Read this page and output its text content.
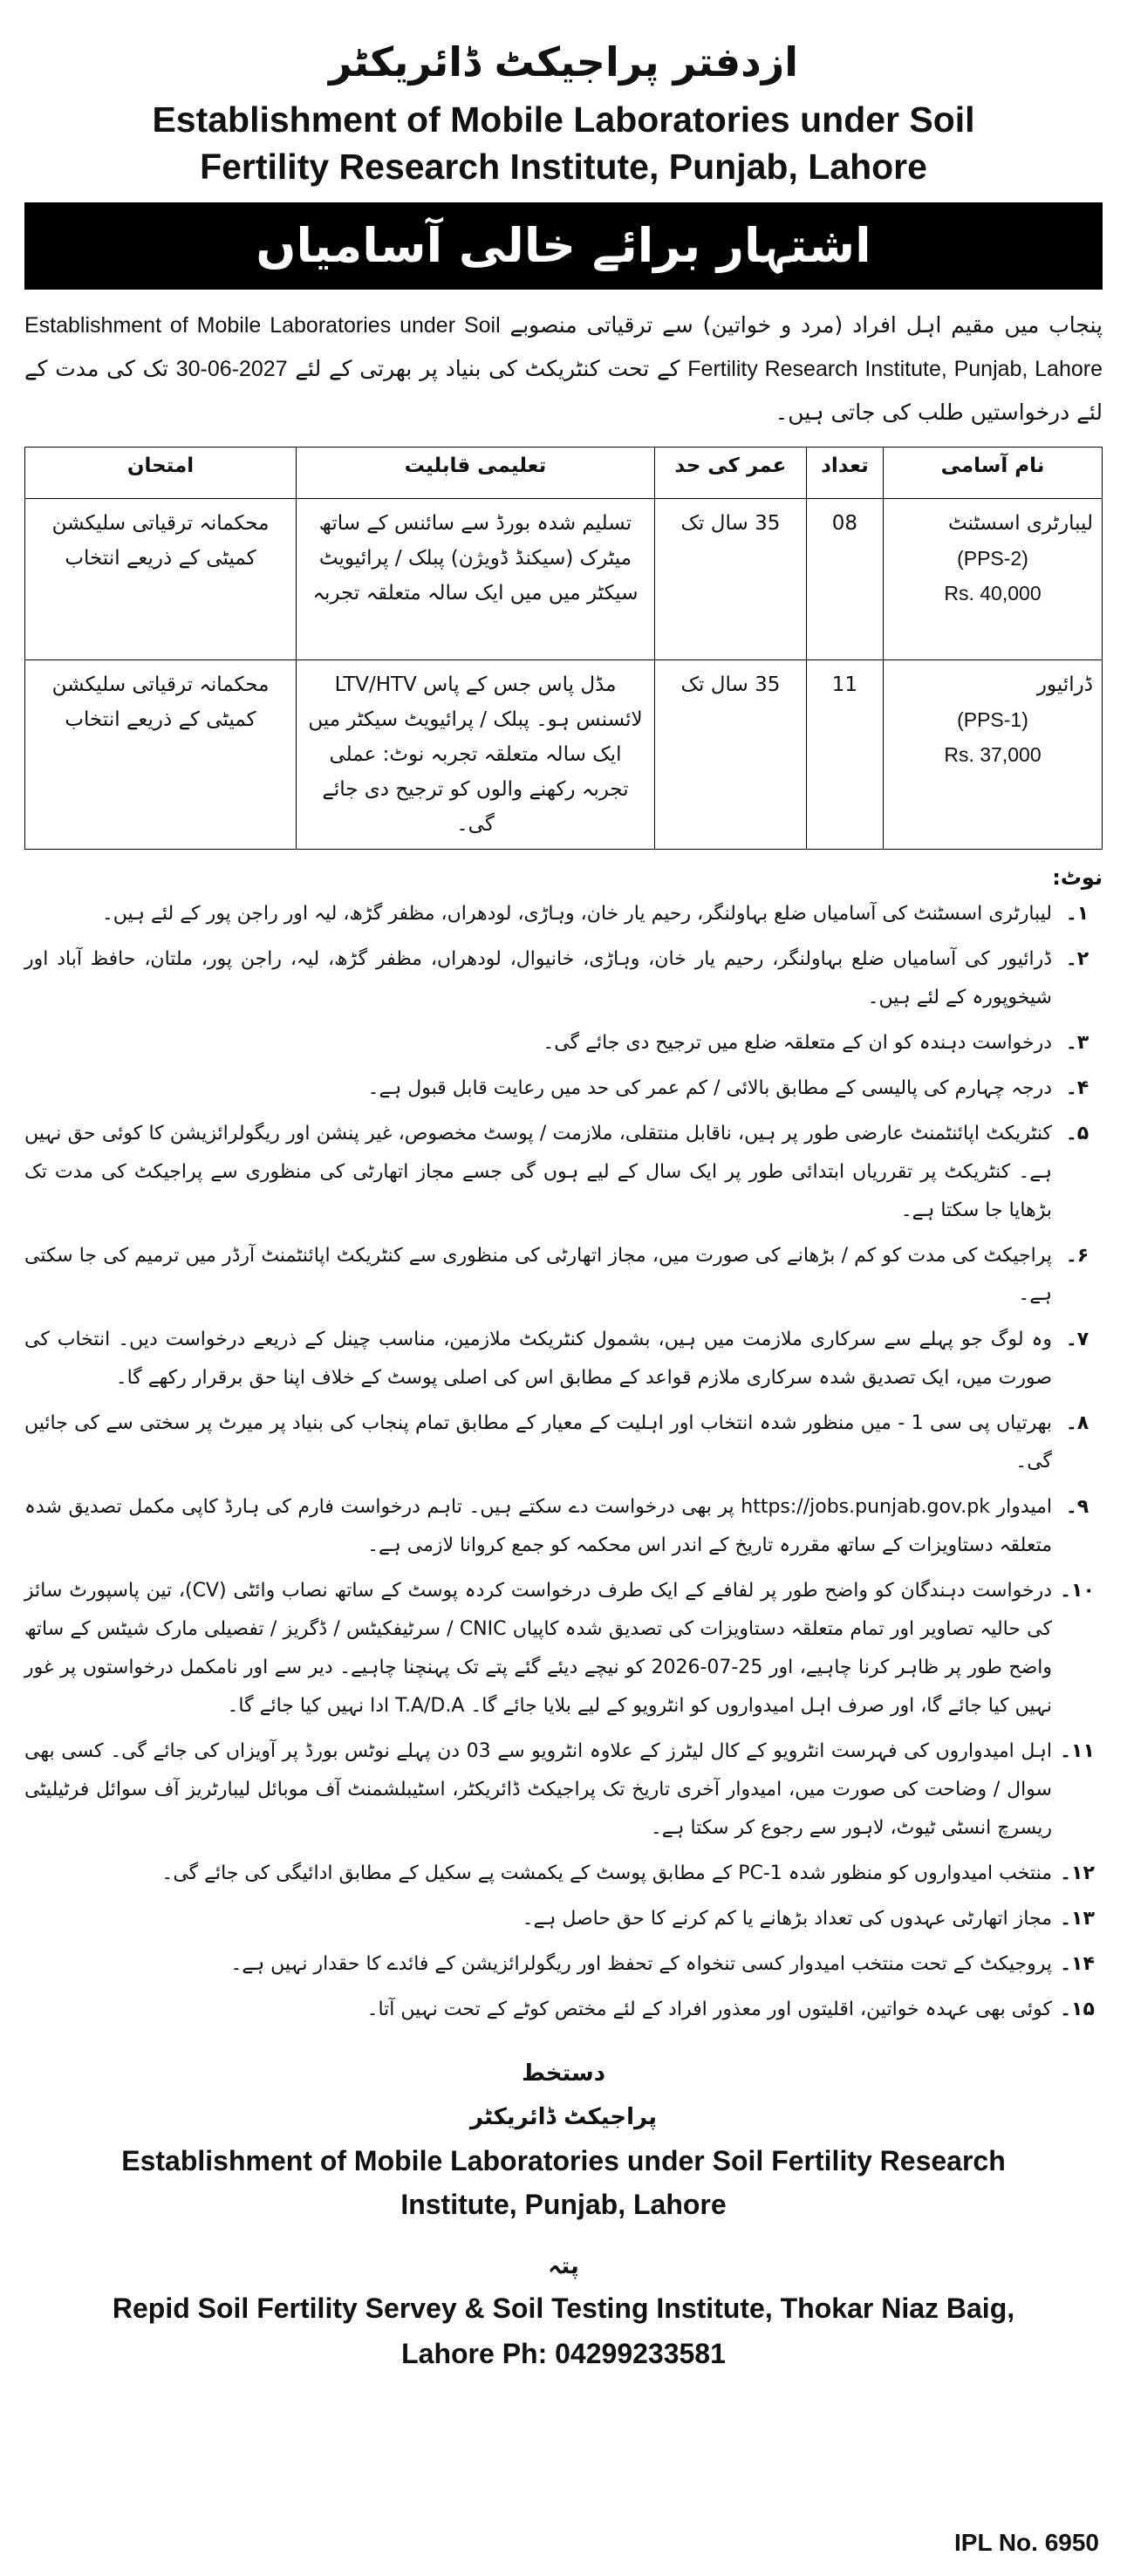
ازدفتر پراجیکٹ ڈائریکٹر
Establishment of Mobile Laboratories under Soil
Fertility Research Institute, Punjab, Lahore
اشتہار برائے خالی آسامیاں
پنجاب میں مقیم اہل افراد (مرد و خواتین) سے ترقیاتی منصوبے Establishment of Mobile Laboratories under Soil Fertility Research Institute, Punjab, Lahore کے تحت کنٹریکٹ کی بنیاد پر بھرتی کے لئے 30-06-2027 تک کی مدت کے لئے درخواستیں طلب کی جاتی ہیں۔
نام آسامی	تعداد	عمر کی حد	تعلیمی قابلیت	امتحان
لیبارٹری اسسٹنٹ
(PPS-2)
Rs. 40,000	08	35 سال تک	تسلیم شدہ بورڈ سے سائنس کے ساتھ میٹرک (سیکنڈ ڈویژن) پبلک / پرائیویٹ سیکٹر میں میں ایک سالہ متعلقہ تجربہ	محکمانہ ترقیاتی سلیکشن کمیٹی کے ذریعے انتخاب
ڈرائیور
(PPS-1)
Rs. 37,000	11	35 سال تک	مڈل پاس جس کے پاس LTV/HTV لائسنس ہو۔ پبلک / پرائیویٹ سیکٹر میں ایک سالہ متعلقہ تجربہ نوٹ: عملی تجربہ رکھنے والوں کو ترجیح دی جائے گی۔	محکمانہ ترقیاتی سلیکشن کمیٹی کے ذریعے انتخاب
نوٹ:
۱۔
لیبارٹری اسسٹنٹ کی آسامیاں ضلع بہاولنگر، رحیم یار خان، وہاڑی، لودھراں، مظفر گڑھ، لیہ اور راجن پور کے لئے ہیں۔
۲۔
ڈرائیور کی آسامیاں ضلع بہاولنگر، رحیم یار خان، وہاڑی، خانیوال، لودھراں، مظفر گڑھ، لیہ، راجن پور، ملتان، حافظ آباد اور شیخوپورہ کے لئے ہیں۔
۳۔
درخواست دہندہ کو ان کے متعلقہ ضلع میں ترجیح دی جائے گی۔
۴۔
درجہ چہارم کی پالیسی کے مطابق بالائی / کم عمر کی حد میں رعایت قابل قبول ہے۔
۵۔
کنٹریکٹ اپائنٹمنٹ عارضی طور پر ہیں، ناقابل منتقلی، ملازمت / پوسٹ مخصوص، غیر پنشن اور ریگولرائزیشن کا کوئی حق نہیں ہے۔ کنٹریکٹ پر تقرریاں ابتدائی طور پر ایک سال کے لیے ہوں گی جسے مجاز اتھارٹی کی منظوری سے پراجیکٹ کی مدت تک بڑھایا جا سکتا ہے۔
۶۔
پراجیکٹ کی مدت کو کم / بڑھانے کی صورت میں، مجاز اتھارٹی کی منظوری سے کنٹریکٹ اپائنٹمنٹ آرڈر میں ترمیم کی جا سکتی ہے۔
۷۔
وہ لوگ جو پہلے سے سرکاری ملازمت میں ہیں، بشمول کنٹریکٹ ملازمین، مناسب چینل کے ذریعے درخواست دیں۔ انتخاب کی صورت میں، ایک تصدیق شدہ سرکاری ملازم قواعد کے مطابق اس کی اصلی پوسٹ کے خلاف اپنا حق برقرار رکھے گا۔
۸۔
بھرتیاں پی سی 1 - میں منظور شدہ انتخاب اور اہلیت کے معیار کے مطابق تمام پنجاب کی بنیاد پر میرٹ پر سختی سے کی جائیں گی۔
۹۔
امیدوار https://jobs.punjab.gov.pk پر بھی درخواست دے سکتے ہیں۔ تاہم درخواست فارم کی ہارڈ کاپی مکمل تصدیق شدہ متعلقہ دستاویزات کے ساتھ مقررہ تاریخ کے اندر اس محکمہ کو جمع کروانا لازمی ہے۔
۱۰۔
درخواست دہندگان کو واضح طور پر لفافے کے ایک طرف درخواست کردہ پوسٹ کے ساتھ نصاب وائٹی (CV)، تین پاسپورٹ سائز کی حالیہ تصاویر اور تمام متعلقہ دستاویزات کی تصدیق شدہ کاپیاں CNIC / سرٹیفکیٹس / ڈگریز / تفصیلی مارک شیٹس کے ساتھ واضح طور پر ظاہر کرنا چاہیے، اور 25-07-2026 کو نیچے دیئے گئے پتے تک پہنچنا چاہیے۔ دیر سے اور نامکمل درخواستوں پر غور نہیں کیا جائے گا، اور صرف اہل امیدواروں کو انٹرویو کے لیے بلایا جائے گا۔ T.A/D.A ادا نہیں کیا جائے گا۔
۱۱۔
اہل امیدواروں کی فہرست انٹرویو کے کال لیٹرز کے علاوہ انٹرویو سے 03 دن پہلے نوٹس بورڈ پر آویزاں کی جائے گی۔ کسی بھی سوال / وضاحت کی صورت میں، امیدوار آخری تاریخ تک پراجیکٹ ڈائریکٹر، اسٹیبلشمنٹ آف موبائل لیبارٹریز آف سوائل فرٹیلیٹی ریسرچ انسٹی ٹیوٹ، لاہور سے رجوع کر سکتا ہے۔
۱۲۔
منتخب امیدواروں کو منظور شدہ PC-1 کے مطابق پوسٹ کے یکمشت پے سکیل کے مطابق ادائیگی کی جائے گی۔
۱۳۔
مجاز اتھارٹی عہدوں کی تعداد بڑھانے یا کم کرنے کا حق حاصل ہے۔
۱۴۔
پروجیکٹ کے تحت منتخب امیدوار کسی تنخواہ کے تحفظ اور ریگولرائزیشن کے فائدے کا حقدار نہیں ہے۔
۱۵۔
کوئی بھی عہدہ خواتین، اقلیتوں اور معذور افراد کے لئے مختص کوٹے کے تحت نہیں آتا۔
دستخط
پراجیکٹ ڈائریکٹر
Establishment of Mobile Laboratories under Soil Fertility Research
Institute, Punjab, Lahore
پتہ
Repid Soil Fertility Servey & Soil Testing Institute, Thokar Niaz Baig,
Lahore Ph: 04299233581
IPL No. 6950
